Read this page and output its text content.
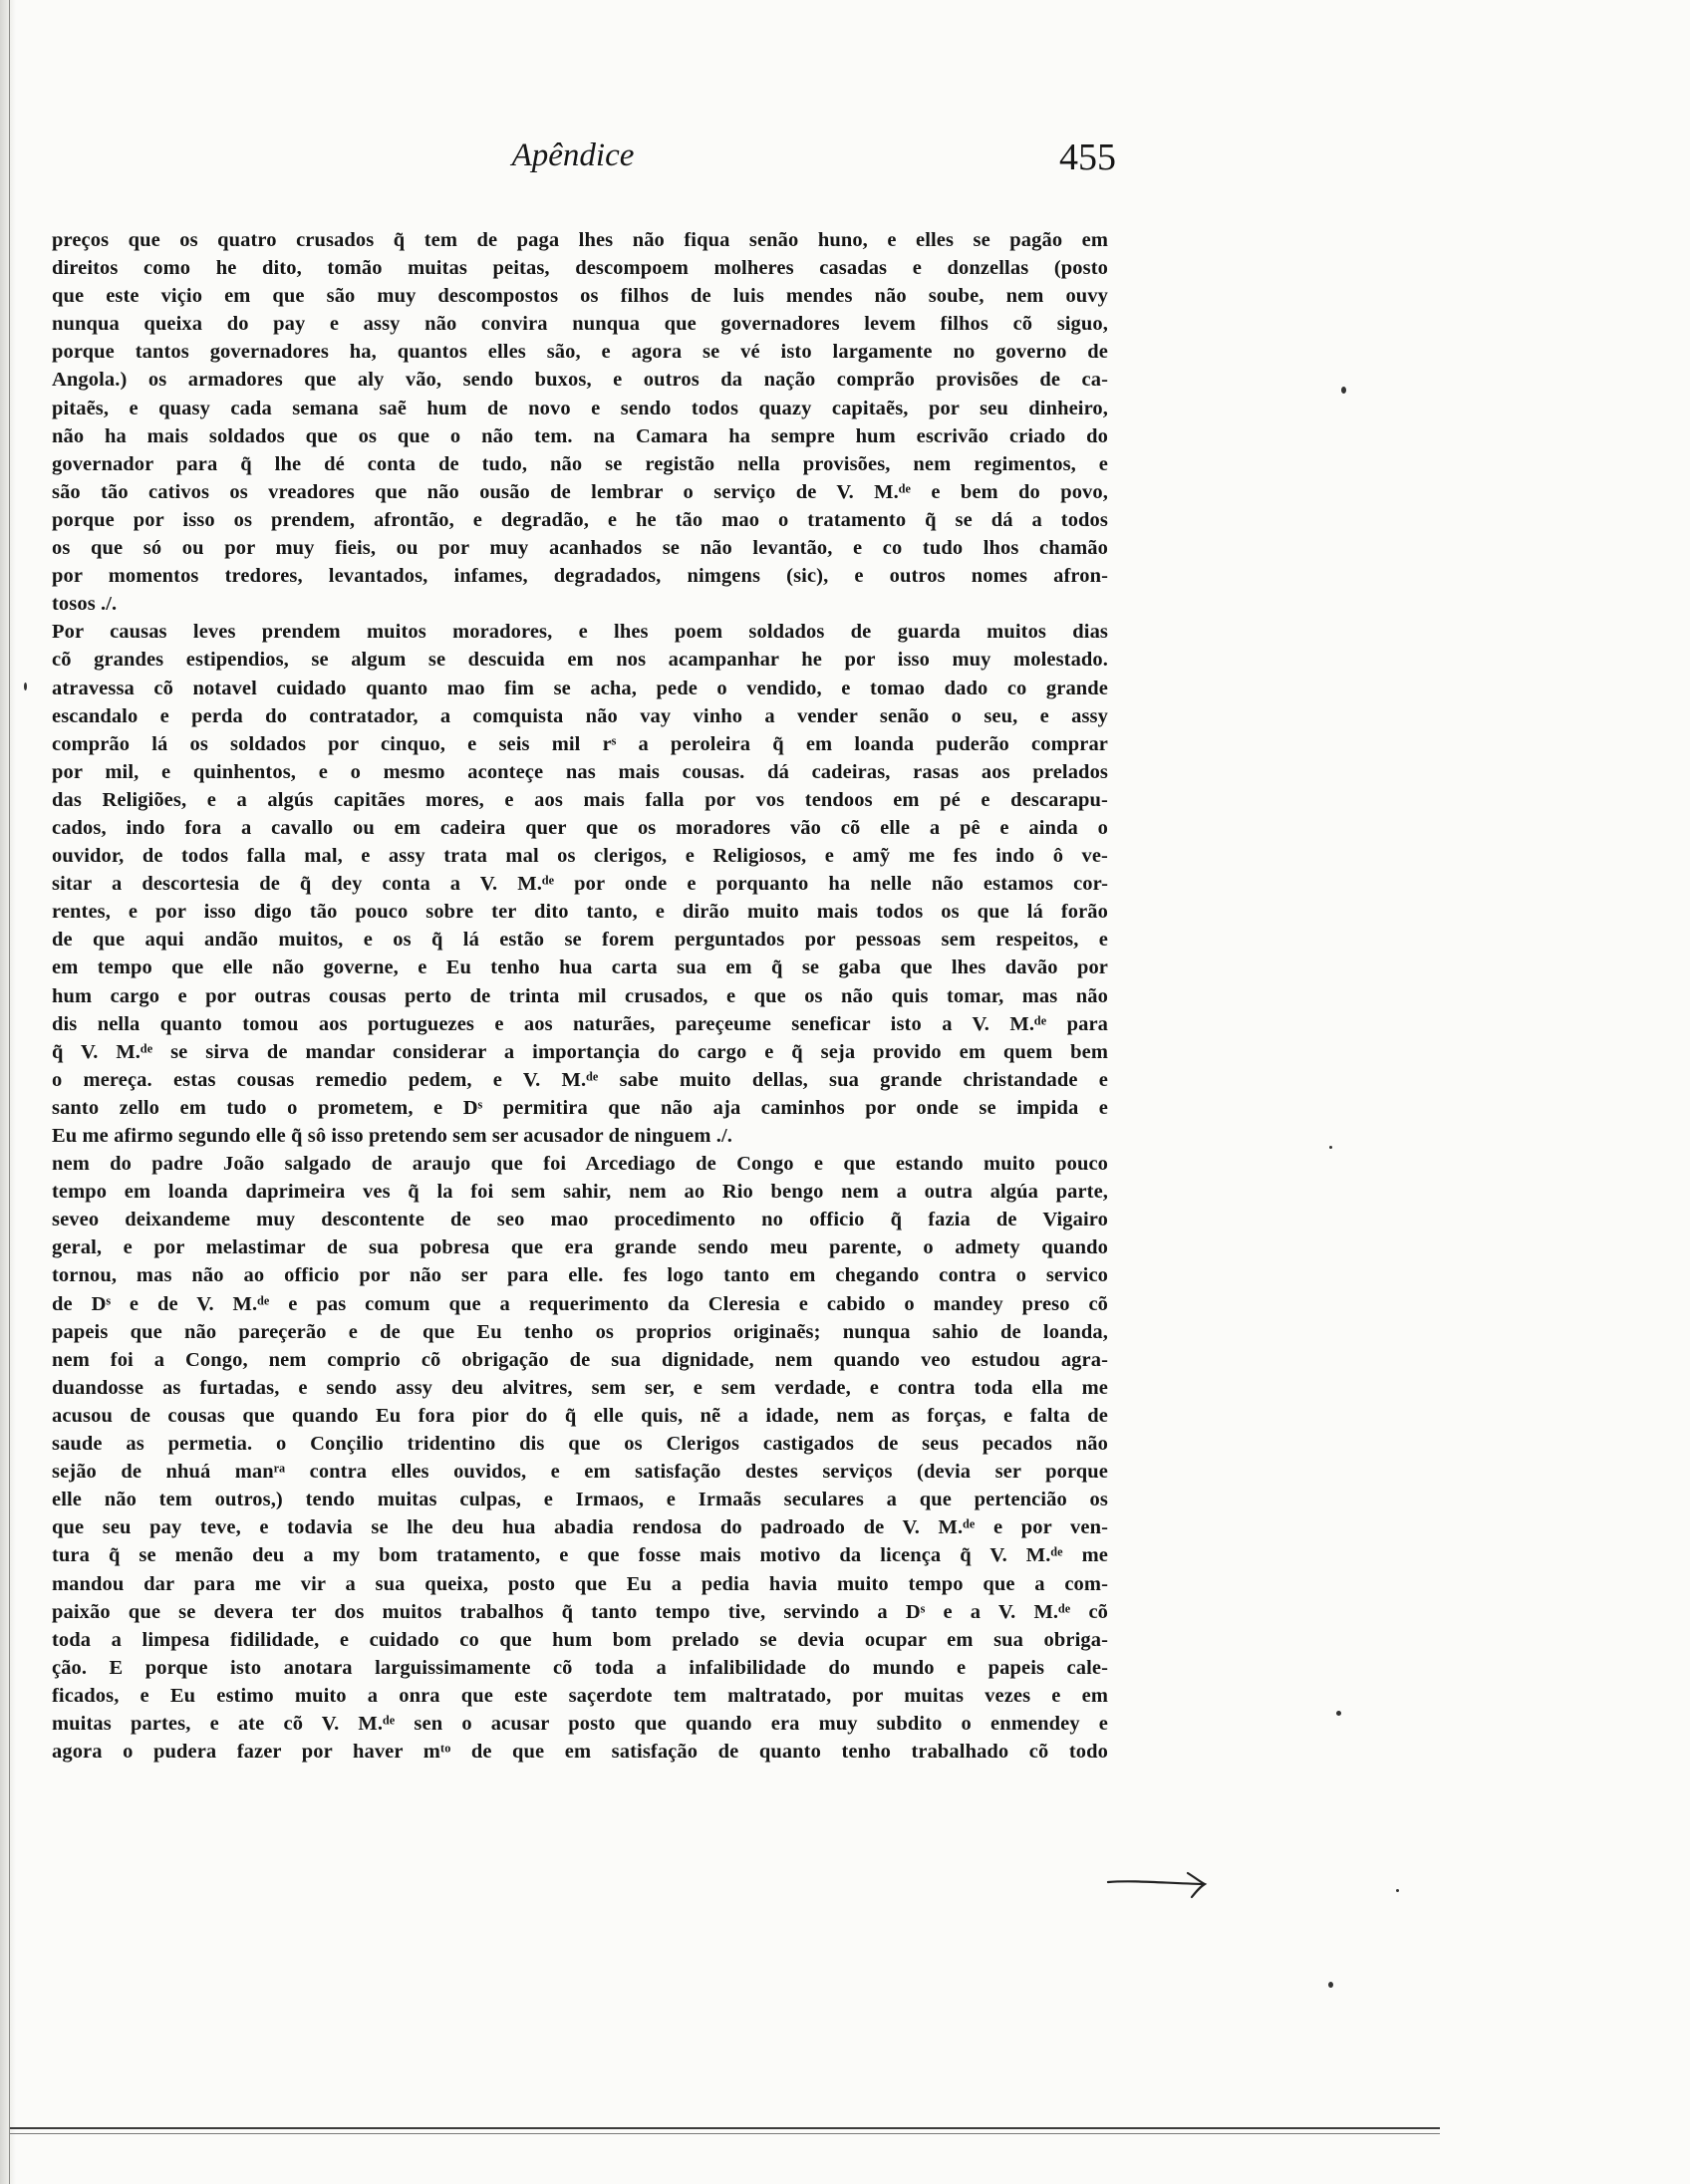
Apêndice	455
preços que os quatro crusados q̃ tem de paga lhes não fiqua senão huno, e elles se pagão em
direitos como he dito, tomão muitas peitas, descompoem molheres casadas e donzellas (posto
que este viçio em que são muy descompostos os filhos de luis mendes não soube, nem ouvy
nunqua queixa do pay e assy não convira nunqua que governadores levem filhos cõ siguo,
porque tantos governadores ha, quantos elles são, e agora se vé isto largamente no governo de
Angola.) os armadores que aly vão, sendo buxos, e outros da nação comprão provisões de ca-
pitaẽs, e quasy cada semana saẽ hum de novo e sendo todos quazy capitaẽs, por seu dinheiro,
não ha mais soldados que os que o não tem. na Camara ha sempre hum escrivão criado do
governador para q̃ lhe dé conta de tudo, não se registão nella provisões, nem regimentos, e
são tão cativos os vreadores que não ousão de lembrar o serviço de V. M.ᵈᵉ e bem do povo,
porque por isso os prendem, afrontão, e degradão, e he tão mao o tratamento q̃ se dá a todos
os que só ou por muy fieis, ou por muy acanhados se não levantão, e co tudo lhos chamão
por momentos tredores, levantados, infames, degradados, nimgens (sic), e outros nomes afron-
tosos ./.
Por causas leves prendem muitos moradores, e lhes poem soldados de guarda muitos dias
cõ grandes estipendios, se algum se descuida em nos acampanhar he por isso muy molestado.
atravessa cõ notavel cuidado quanto mao fim se acha, pede o vendido, e tomao dado co grande
escandalo e perda do contratador, a comquista não vay vinho a vender senão o seu, e assy
comprão lá os soldados por cinquo, e seis mil rˢ a peroleira q̃ em loanda puderão comprar
por mil, e quinhentos, e o mesmo aconteçe nas mais cousas. dá cadeiras, rasas aos prelados
das Religiões, e a algús capitães mores, e aos mais falla por vos tendoos em pé e descarapu-
cados, indo fora a cavallo ou em cadeira quer que os moradores vão cõ elle a pê e ainda o
ouvidor, de todos falla mal, e assy trata mal os clerigos, e Religiosos, e amỹ me fes indo ô ve-
sitar a descortesia de q̃ dey conta a V. M.ᵈᵉ por onde e porquanto ha nelle não estamos cor-
rentes, e por isso digo tão pouco sobre ter dito tanto, e dirão muito mais todos os que lá forão
de que aqui andão muitos, e os q̃ lá estão se forem perguntados por pessoas sem respeitos, e
em tempo que elle não governe, e Eu tenho hua carta sua em q̃ se gaba que lhes davão por
hum cargo e por outras cousas perto de trinta mil crusados, e que os não quis tomar, mas não
dis nella quanto tomou aos portuguezes e aos naturães, pareçeume seneficar isto a V. M.ᵈᵉ para
q̃ V. M.ᵈᵉ se sirva de mandar considerar a importançia do cargo e q̃ seja provido em quem bem
o mereça. estas cousas remedio pedem, e V. M.ᵈᵉ sabe muito dellas, sua grande christandade e
santo zello em tudo o prometem, e Dˢ permitira que não aja caminhos por onde se impida e
Eu me afirmo segundo elle q̃ sô isso pretendo sem ser acusador de ninguem ./.
nem do padre João salgado de araujo que foi Arcediago de Congo e que estando muito pouco
tempo em loanda daprimeira ves q̃ la foi sem sahir, nem ao Rio bengo nem a outra algúa parte,
seveo deixandeme muy descontente de seo mao procedimento no officio q̃ fazia de Vigairo
geral, e por melastimar de sua pobresa que era grande sendo meu parente, o admety quando
tornou, mas não ao officio por não ser para elle. fes logo tanto em chegando contra o servico
de Dˢ e de V. M.ᵈᵉ e pas comum que a requerimento da Cleresia e cabido o mandey preso cõ
papeis que não pareçerão e de que Eu tenho os proprios originaẽs; nunqua sahio de loanda,
nem foi a Congo, nem comprio cõ obrigação de sua dignidade, nem quando veo estudou agra-
duandosse as furtadas, e sendo assy deu alvitres, sem ser, e sem verdade, e contra toda ella me
acusou de cousas que quando Eu fora pior do q̃ elle quis, nẽ a idade, nem as forças, e falta de
saude as permetia. o Conçilio tridentino dis que os Clerigos castigados de seus pecados não
sejão de nhuá manʳᵃ contra elles ouvidos, e em satisfação destes serviços (devia ser porque
elle não tem outros,) tendo muitas culpas, e Irmaos, e Irmaãs seculares a que pertencião os
que seu pay teve, e todavia se lhe deu hua abadia rendosa do padroado de V. M.ᵈᵉ e por ven-
tura q̃ se menão deu a my bom tratamento, e que fosse mais motivo da licença q̃ V. M.ᵈᵉ me
mandou dar para me vir a sua queixa, posto que Eu a pedia havia muito tempo que a com-
paixão que se devera ter dos muitos trabalhos q̃ tanto tempo tive, servindo a Dˢ e a V. M.ᵈᵉ cõ
toda a limpesa fidilidade, e cuidado co que hum bom prelado se devia ocupar em sua obriga-
ção. E porque isto anotara larguissimamente cõ toda a infalibilidade do mundo e papeis cale-
ficados, e Eu estimo muito a onra que este saçerdote tem maltratado, por muitas vezes e em
muitas partes, e ate cõ V. M.ᵈᵉ sen o acusar posto que quando era muy subdito o enmendey e
agora o pudera fazer por haver mᵗᵒ de que em satisfação de quanto tenho trabalhado cõ todo
